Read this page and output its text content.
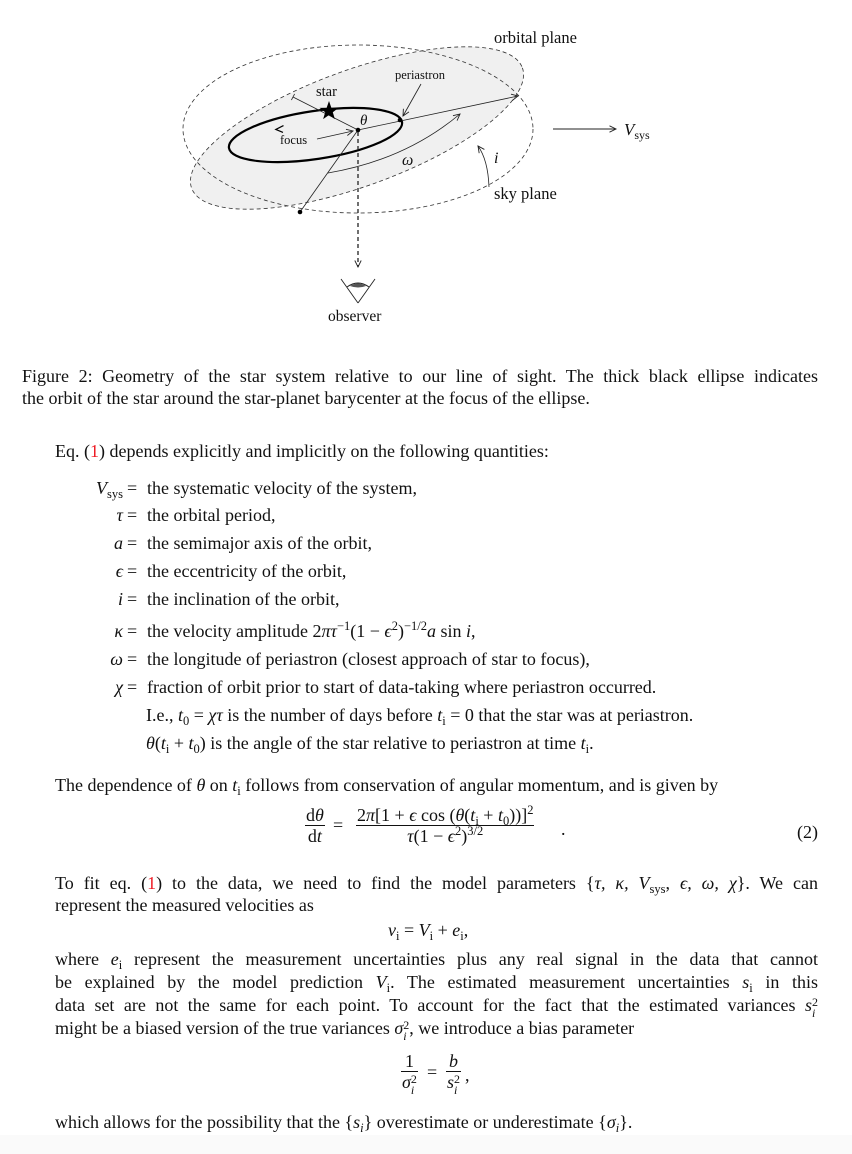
orbital plane
periastron
star
θ
focus
ω	i
sky plane
observer
$V_{sys}$
Figure 2: Geometry of the star system relative to our line of sight. The thick black ellipse indicates
the orbit of the star around the star-planet barycenter at the focus of the ellipse.
Eq. (1) depends explicitly and implicitly on the following quantities:
$V_{sys}$ = the systematic velocity of the system,
τ = the orbital period,
a = the semimajor axis of the orbit,
ϵ = the eccentricity of the orbit,
i = the inclination of the orbit,
κ = the velocity amplitude $2\pi\tau^{-1}(1 - \epsilon^2)^{-1/2}a$ sin i,
ω = the longitude of periastron (closest approach of star to focus),
χ = fraction of orbit prior to start of data-taking where periastron occurred.
I.e., $t_0 = \chi\tau$ is the number of days before $t_i = 0$ that the star was at periastron.
$\theta(t_i + t_0)$ is the angle of the star relative to periastron at time $t_i$.
The dependence of θ on $t_i$ follows from conservation of angular momentum, and is given by
dθ
dt
= 2π[1 + ϵ $\cos (\theta(t_i + t_0))]^2$
$\tau(1 - \epsilon^2)^{3/2}$	.	(2)
To fit eq. (1) to the data, we need to find the model parameters {τ, κ, $V_{sys}$, ϵ, ω, χ}. We can
represent the measured velocities as
$v_i = V_i + e_i$,
where $e_i$ represent the measurement uncertainties plus any real signal in the data that cannot
be explained by the model prediction $V_i$. The estimated measurement uncertainties $s_i$ in this
data set are not the same for each point. To account for the fact that the estimated variances s 2
i
might be a biased version of the true variances σ 2
i , we introduce a bias parameter
1
σ 2
i
=
b
s 2
i
,
which allows for the possibility that the $\{s_i\}$ overestimate or underestimate $\{\sigma_i\}$.
